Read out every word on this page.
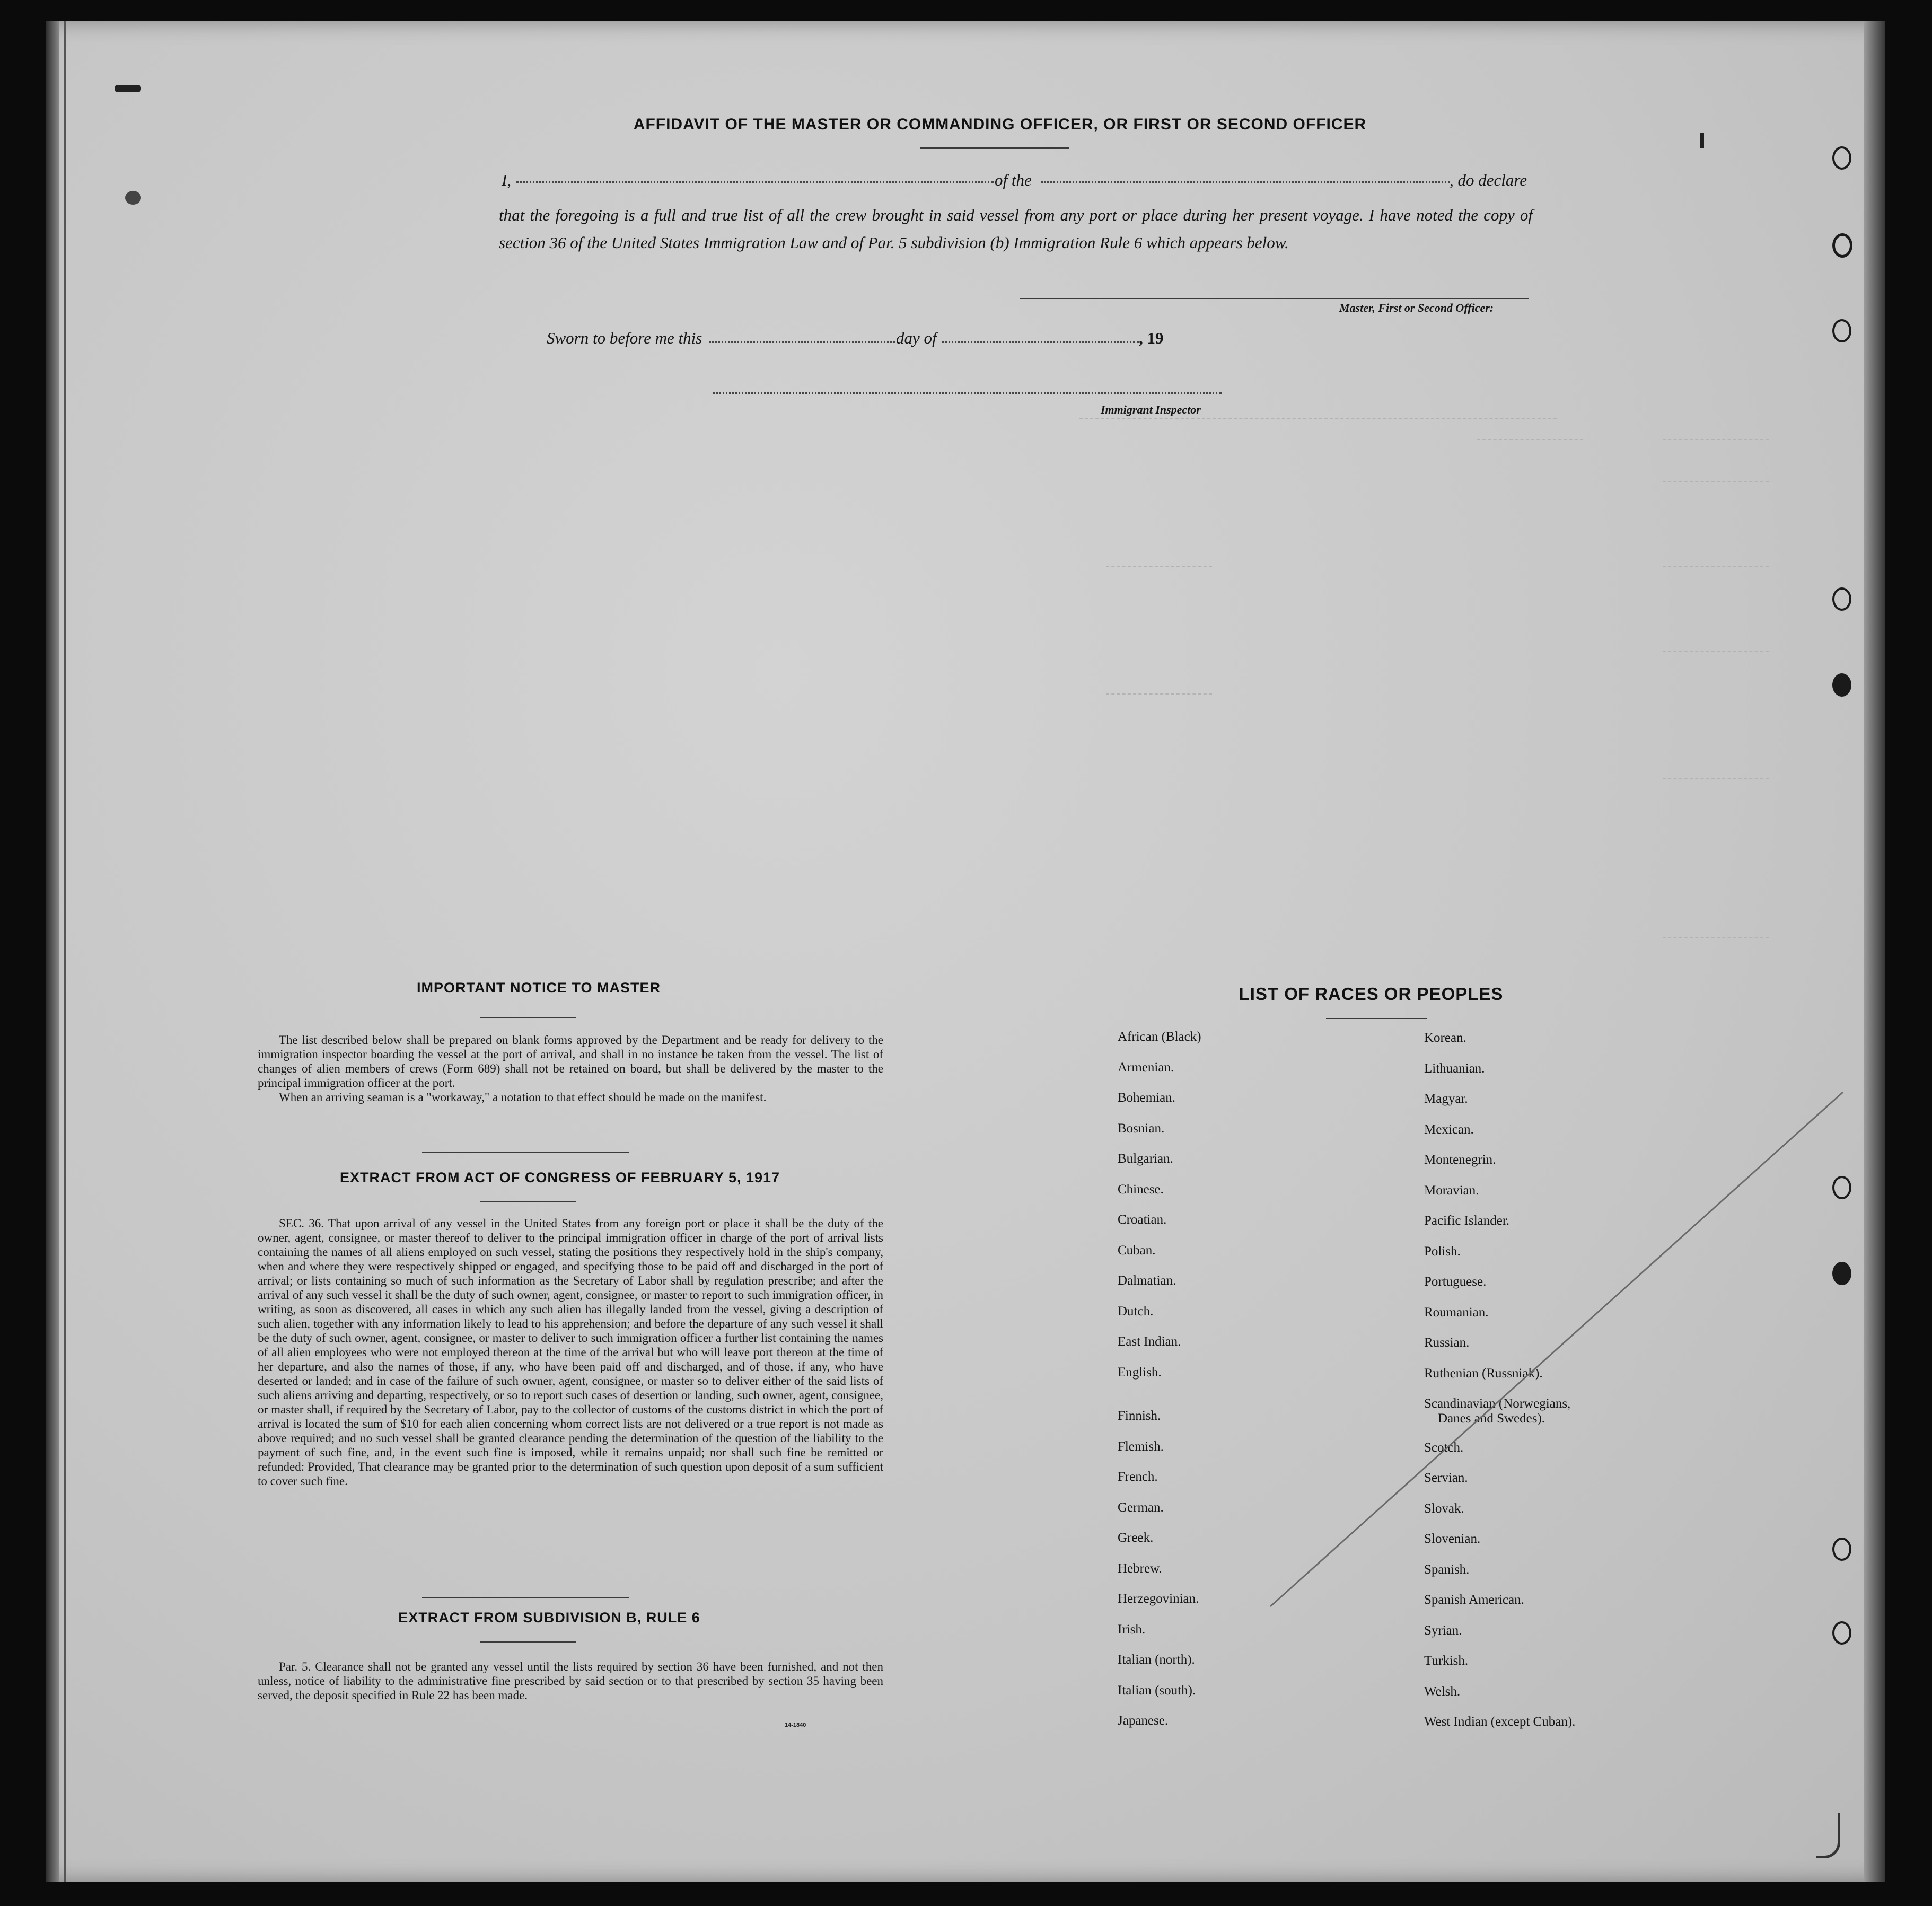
AFFIDAVIT OF THE MASTER OR COMMANDING OFFICER, OR FIRST OR SECOND OFFICER
I,	of the	, do declare
that the foregoing is a full and true list of all the crew brought in said vessel from any port or place during her present voyage. I have noted the copy of section 36 of the United States Immigration Law and of Par. 5 subdivision (b) Immigration Rule 6 which appears below.
Master, First or Second Officer:
Sworn to before me this	day of	, 19
Immigrant Inspector
IMPORTANT NOTICE TO MASTER

The list described below shall be prepared on blank forms approved by the Department and be ready for delivery to the immigration inspector boarding the vessel at the port of arrival, and shall in no instance be taken from the vessel. The list of changes of alien members of crews (Form 689) shall not be retained on board, but shall be delivered by the master to the principal immigration officer at the port.

When an arriving seaman is a "workaway," a notation to that effect should be made on the manifest.

EXTRACT FROM ACT OF CONGRESS OF FEBRUARY 5, 1917
SEC. 36. That upon arrival of any vessel in the United States from any foreign port or place it shall be the duty of the owner, agent, consignee, or master thereof to deliver to the principal immigration officer in charge of the port of arrival lists containing the names of all aliens employed on such vessel, stating the positions they respectively hold in the ship's company, when and where they were respectively shipped or engaged, and specifying those to be paid off and discharged in the port of arrival; or lists containing so much of such information as the Secretary of Labor shall by regulation prescribe; and after the arrival of any such vessel it shall be the duty of such owner, agent, consignee, or master to report to such immigration officer, in writing, as soon as discovered, all cases in which any such alien has illegally landed from the vessel, giving a description of such alien, together with any information likely to lead to his apprehension; and before the departure of any such vessel it shall be the duty of such owner, agent, consignee, or master to deliver to such immigration officer a further list containing the names of all alien employees who were not employed thereon at the time of the arrival but who will leave port thereon at the time of her departure, and also the names of those, if any, who have been paid off and discharged, and of those, if any, who have deserted or landed; and in case of the failure of such owner, agent, consignee, or master so to deliver either of the said lists of such aliens arriving and departing, respectively, or so to report such cases of desertion or landing, such owner, agent, consignee, or master shall, if required by the Secretary of Labor, pay to the collector of customs of the customs district in which the port of arrival is located the sum of $10 for each alien concerning whom correct lists are not delivered or a true report is not made as above required; and no such vessel shall be granted clearance pending the determination of the question of the liability to the payment of such fine, and, in the event such fine is imposed, while it remains unpaid; nor shall such fine be remitted or refunded: Provided, That clearance may be granted prior to the determination of such question upon deposit of a sum sufficient to cover such fine.
EXTRACT FROM SUBDIVISION B, RULE 6
Par. 5. Clearance shall not be granted any vessel until the lists required by section 36 have been furnished, and not then unless, notice of liability to the administrative fine prescribed by said section or to that prescribed by section 35 having been served, the deposit specified in Rule 22 has been made.
14-1840
LIST OF RACES OR PEOPLES
African (Black)
Armenian.
Bohemian.
Bosnian.
Bulgarian.
Chinese.
Croatian.
Cuban.
Dalmatian.
Dutch.
East Indian.
English.
Finnish.
Flemish.
French.
German.
Greek.
Hebrew.
Herzegovinian.
Irish.
Italian (north).
Italian (south).
Japanese.
Korean.
Lithuanian.
Magyar.
Mexican.
Montenegrin.
Moravian.
Pacific Islander.
Polish.
Portuguese.
Roumanian.
Russian.
Ruthenian (Russniak).
Scandinavian (Norwegians,
Danes and Swedes).
Scotch.
Servian.
Slovak.
Slovenian.
Spanish.
Spanish American.
Syrian.
Turkish.
Welsh.
West Indian (except Cuban).
